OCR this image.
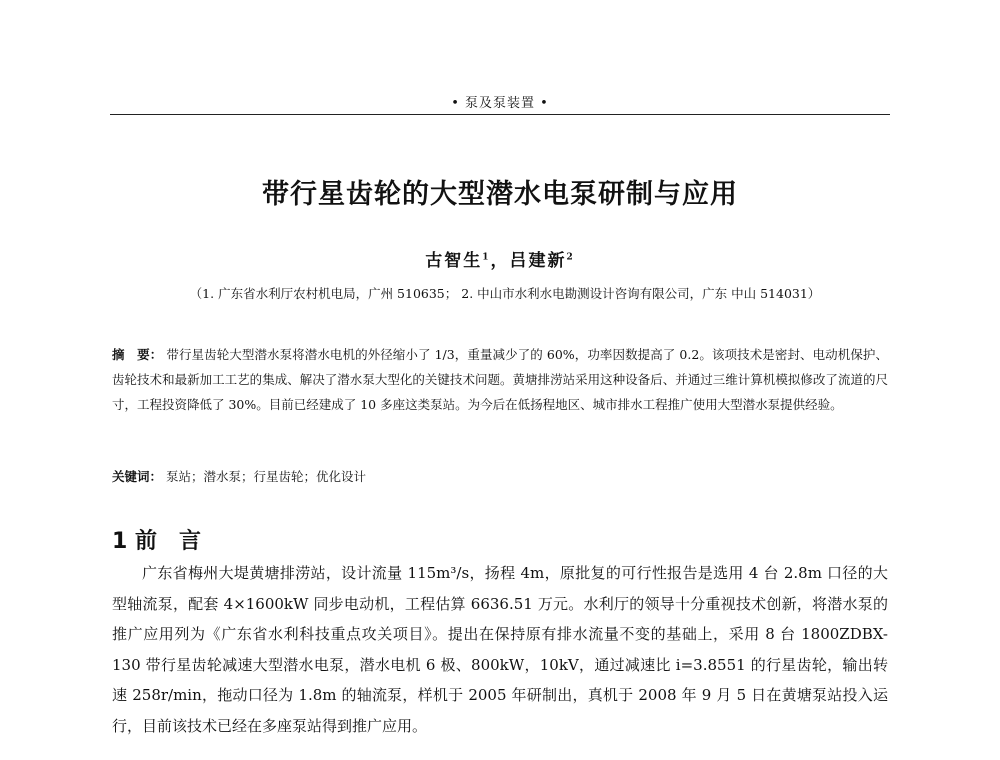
• 泵及泵装置 •
带行星齿轮的大型潜水电泵研制与应用
古智生$^1$，吕建新$^2$
（1. 广东省水利厅农村机电局，广州 510635； 2. 中山市水利水电勘测设计咨询有限公司，广东 中山 514031）
摘　要： 带行星齿轮大型潜水泵将潜水电机的外径缩小了 1/3，重量减少了的 60%，功率因数提高了 0.2。该项技术是密封、电动机保护、齿轮技术和最新加工工艺的集成、解决了潜水泵大型化的关键技术问题。黄塘排涝站采用这种设备后、并通过三维计算机模拟修改了流道的尺寸，工程投资降低了 30%。目前已经建成了 10 多座这类泵站。为今后在低扬程地区、城市排水工程推广使用大型潜水泵提供经验。
关键词： 泵站；潜水泵；行星齿轮；优化设计
1 前　言
广东省梅州大堤黄塘排涝站，设计流量 115m³/s，扬程 4m，原批复的可行性报告是选用 4 台 2.8m 口径的大型轴流泵，配套 4×1600kW 同步电动机，工程估算 6636.51 万元。水利厅的领导十分重视技术创新，将潜水泵的推广应用列为《广东省水利科技重点攻关项目》。提出在保持原有排水流量不变的基础上，采用 8 台 1800ZDBX-130 带行星齿轮减速大型潜水电泵，潜水电机 6 极、800kW，10kV，通过减速比 i=3.8551 的行星齿轮，输出转速 258r/min，拖动口径为 1.8m 的轴流泵，样机于 2005 年研制出，真机于 2008 年 9 月 5 日在黄塘泵站投入运行，目前该技术已经在多座泵站得到推广应用。
